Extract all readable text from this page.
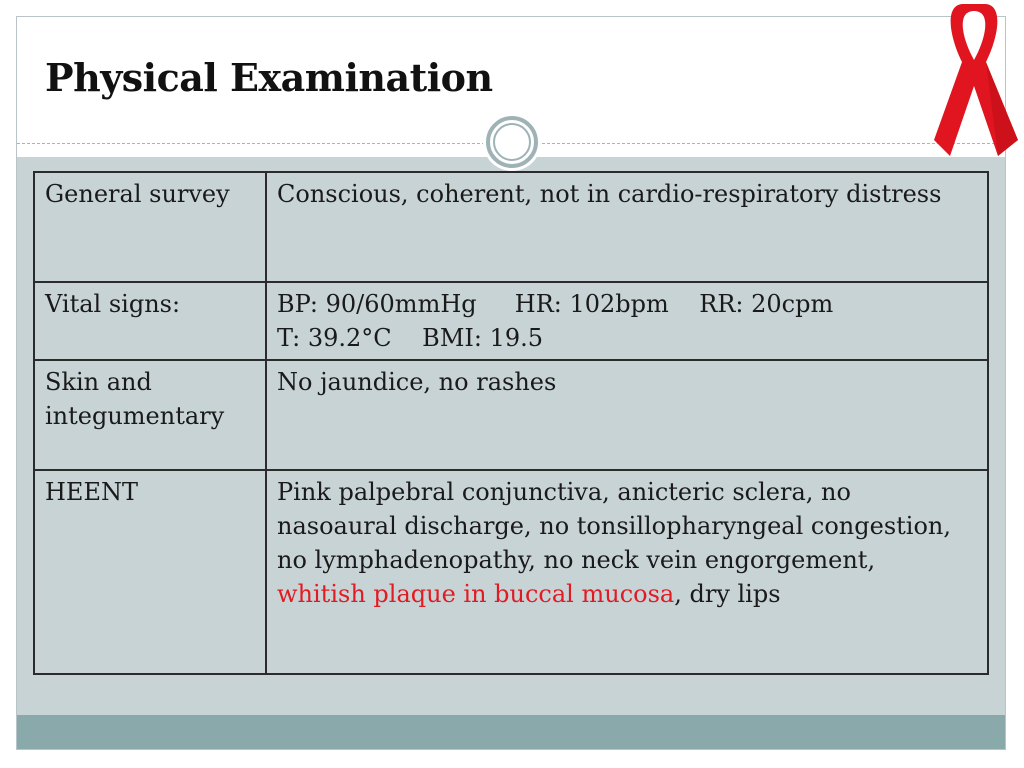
Physical Examination
General survey	Conscious, coherent, not in cardio-respiratory distress
Vital signs:	BP: 90/60mmHg     HR: 102bpm    RR: 20cpm
T: 39.2°C    BMI: 19.5

Skin and
integumentary	No jaundice, no rashes
HEENT	Pink palpebral conjunctiva, anicteric sclera, no
nasoaural discharge, no tonsillopharyngeal congestion,
no lymphadenopathy, no neck vein engorgement,
whitish plaque in buccal mucosa, dry lips
